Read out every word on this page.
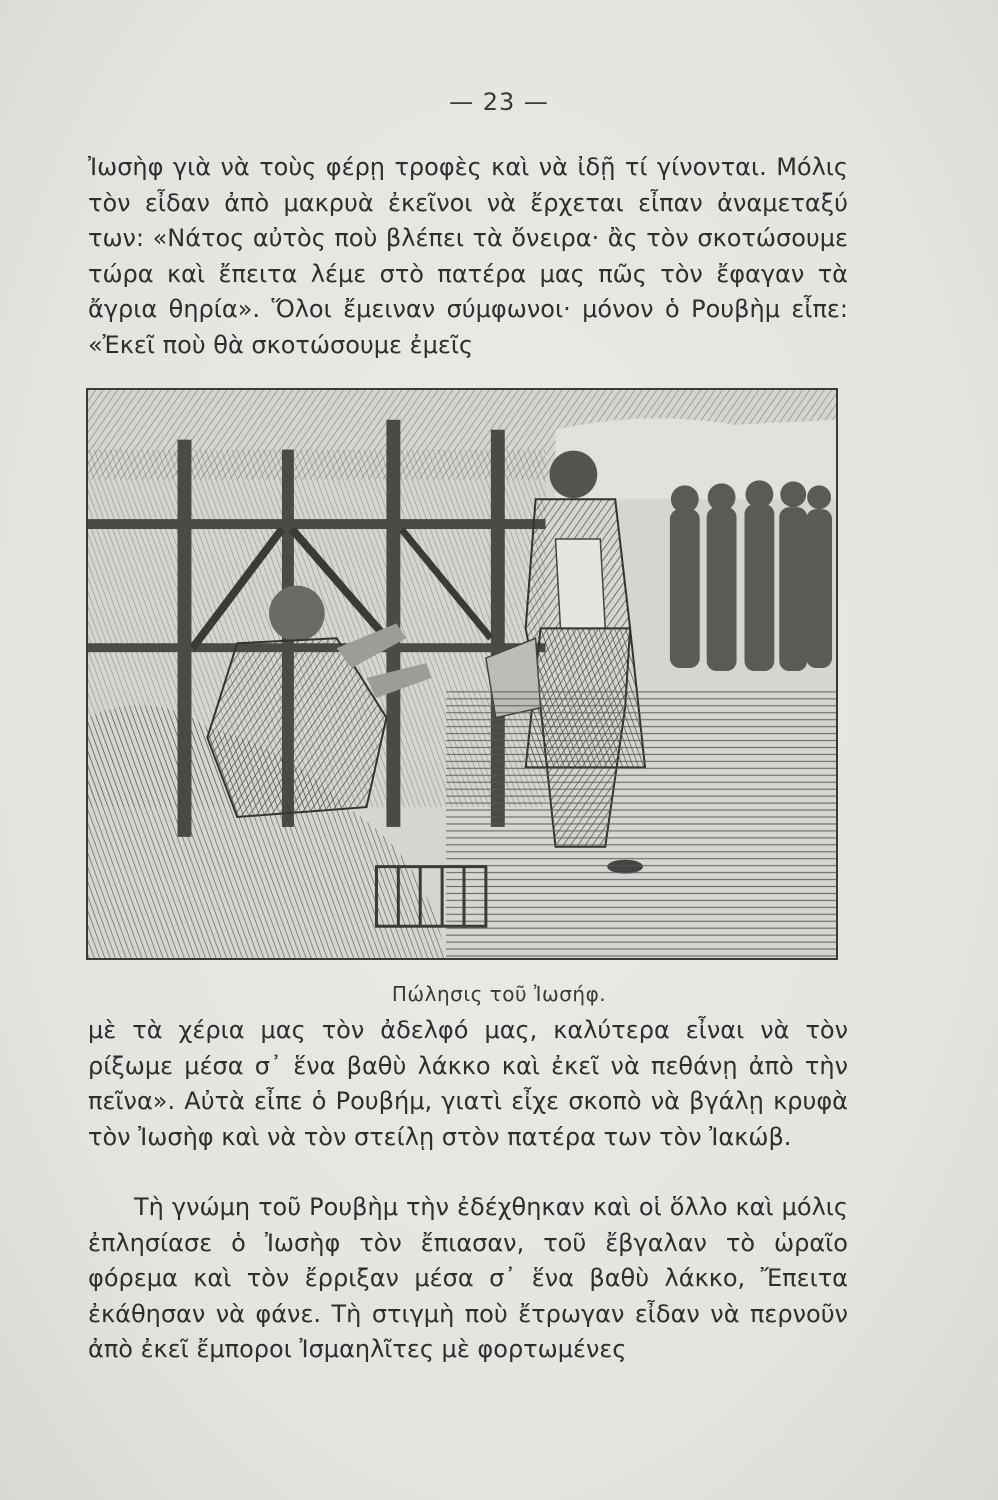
— 23 —

Ἰωσὴφ γιὰ νὰ τοὺς φέρῃ τροφὲς καὶ νὰ ἰδῇ τί γίνονται. Μόλις τὸν εἶδαν ἀπὸ μακρυὰ ἐκεῖνοι νὰ ἔρχεται εἶπαν ἀναμεταξύ των: «Νάτος αὐτὸς ποὺ βλέπει τὰ ὄνειρα· ἂς τὸν σκοτώσουμε τώρα καὶ ἔπειτα λέμε στὸ πατέρα μας πῶς τὸν ἔφαγαν τὰ ἄγρια θηρία». Ὅλοι ἔμειναν σύμφωνοι· μόνον ὁ Ρουβὴμ εἶπε: «Ἐκεῖ ποὺ θὰ σκοτώσουμε ἐμεῖς

Πώλησις τοῦ Ἰωσήφ.

μὲ τὰ χέρια μας τὸν ἀδελφό μας, καλύτερα εἶναι νὰ τὸν ρίξωμε μέσα σ᾽ ἕνα βαθὺ λάκκο καὶ ἐκεῖ νὰ πεθάνῃ ἀπὸ τὴν πεῖνα». Αὐτὰ εἶπε ὁ Ρουβήμ, γιατὶ εἶχε σκοπὸ νὰ βγάλῃ κρυφὰ τὸν Ἰωσὴφ καὶ νὰ τὸν στείλῃ στὸν πατέρα των τὸν Ἰακώβ.

Τὴ γνώμη τοῦ Ρουβὴμ τὴν ἐδέχθηκαν καὶ οἱ ὅλλο καὶ μόλις ἐπλησίασε ὁ Ἰωσὴφ τὸν ἔπιασαν, τοῦ ἔβγαλαν τὸ ὡραῖο φόρεμα καὶ τὸν ἔρριξαν μέσα σ᾽ ἕνα βαθὺ λάκκο, Ἔπειτα ἐκάθησαν νὰ φάνε. Τὴ στιγμὴ ποὺ ἔτρωγαν εἶδαν νὰ περνοῦν ἀπὸ ἐκεῖ ἔμποροι Ἰσμαηλῖτες μὲ φορτωμένες
